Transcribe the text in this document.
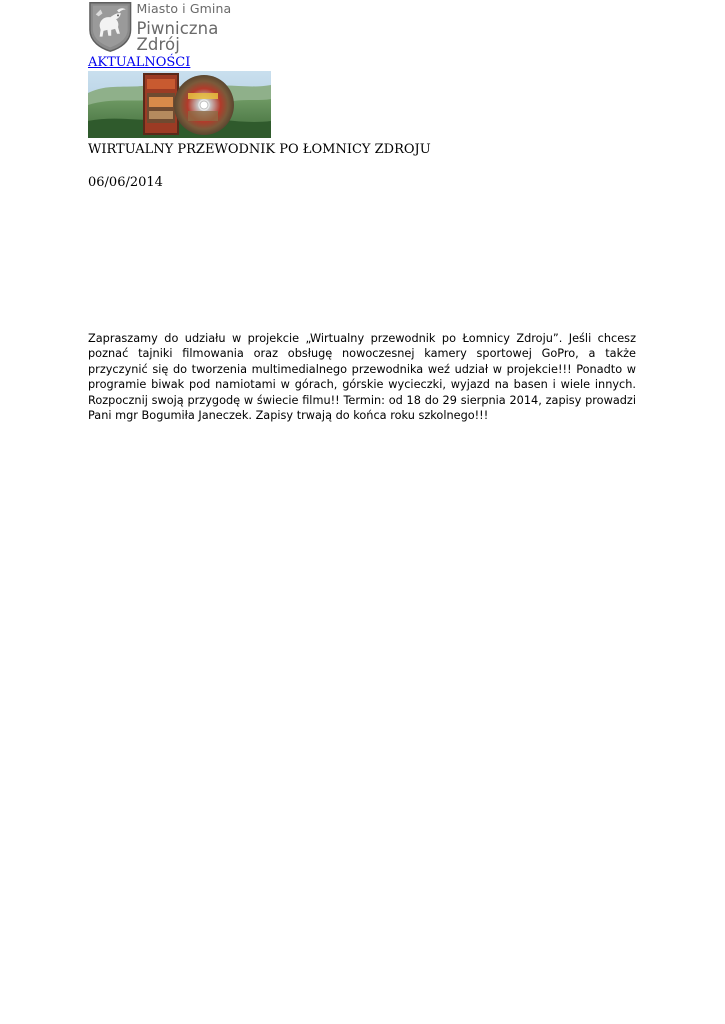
Miasto i Gmina
Piwniczna Zdrój
AKTUALNOŚCI
WIRTUALNY PRZEWODNIK PO ŁOMNICY ZDROJU
06/06/2014

Zapraszamy do udziału w projekcie „Wirtualny przewodnik po Łomnicy Zdroju”. Jeśli chcesz poznać tajniki filmowania oraz obsługę nowoczesnej kamery sportowej GoPro, a także przyczynić się do tworzenia multimedialnego przewodnika weź udział w projekcie!!! Ponadto w programie biwak pod namiotami w górach, górskie wycieczki, wyjazd na basen i wiele innych. Rozpocznij swoją przygodę w świecie filmu!! Termin: od 18 do 29 sierpnia 2014, zapisy prowadzi Pani mgr Bogumiła Janeczek. Zapisy trwają do końca roku szkolnego!!!
